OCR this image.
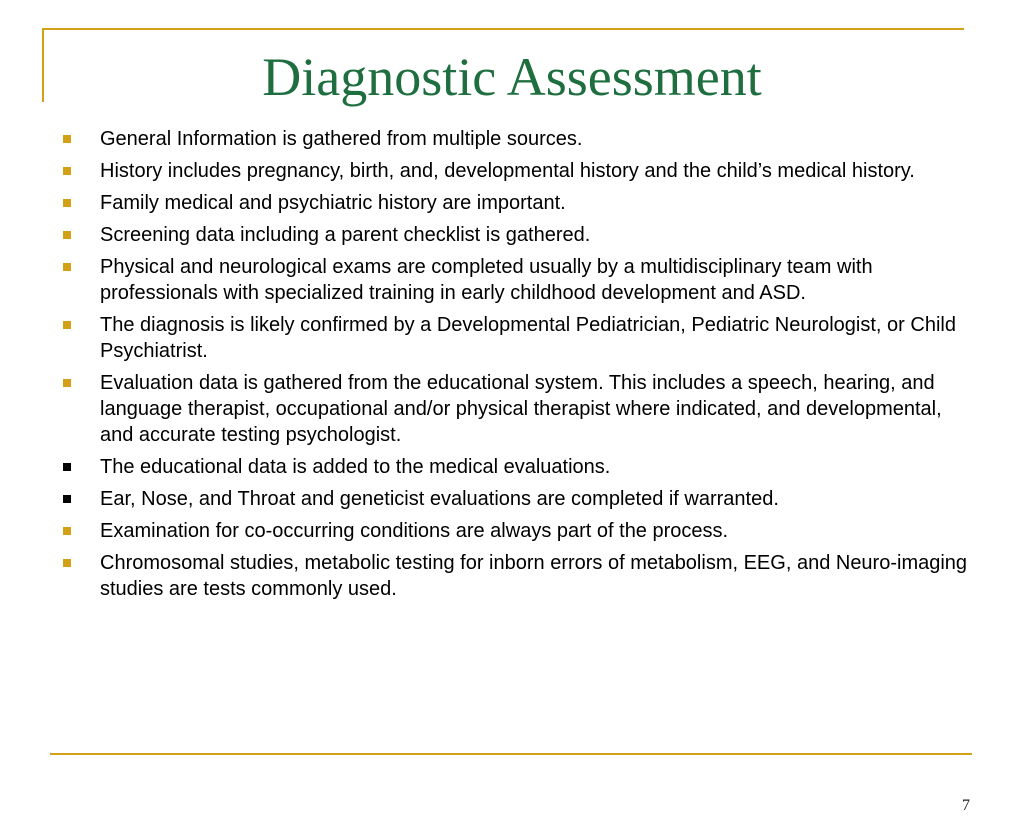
Diagnostic Assessment
General Information is gathered from multiple sources.
History includes pregnancy, birth, and, developmental history and the child’s medical history.
Family medical and psychiatric history are important.
Screening data including a parent checklist is gathered.
Physical and neurological exams are completed usually by a multidisciplinary team with professionals with specialized training in early childhood development and ASD.
The diagnosis is likely confirmed by a Developmental Pediatrician, Pediatric Neurologist, or Child Psychiatrist.
Evaluation data is gathered from the educational system. This includes a speech, hearing, and language therapist, occupational and/or physical therapist where indicated, and developmental, and accurate testing psychologist.
The educational data is added to the medical evaluations.
Ear, Nose, and Throat and geneticist evaluations are completed if warranted.
Examination for co-occurring conditions are always part of the process.
Chromosomal studies, metabolic testing for inborn errors of metabolism, EEG, and Neuro-imaging studies are tests commonly used.
7
